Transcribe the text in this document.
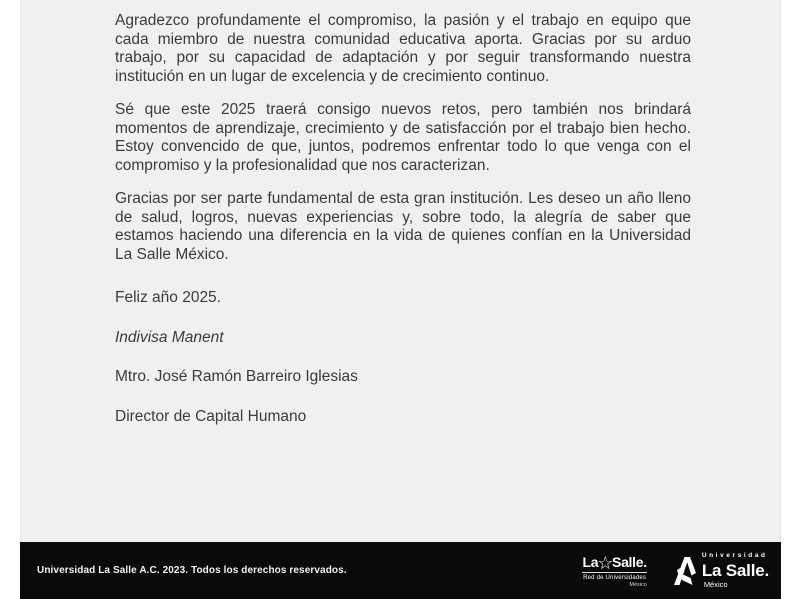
Agradezco profundamente el compromiso, la pasión y el trabajo en equipo que cada miembro de nuestra comunidad educativa aporta. Gracias por su arduo trabajo, por su capacidad de adaptación y por seguir transformando nuestra institución en un lugar de excelencia y de crecimiento continuo.

Sé que este 2025 traerá consigo nuevos retos, pero también nos brindará momentos de aprendizaje, crecimiento y de satisfacción por el trabajo bien hecho. Estoy convencido de que, juntos, podremos enfrentar todo lo que venga con el compromiso y la profesionalidad que nos caracterizan.

Gracias por ser parte fundamental de esta gran institución. Les deseo un año lleno de salud, logros, nuevas experiencias y, sobre todo, la alegría de saber que estamos haciendo una diferencia en la vida de quienes confían en la Universidad La Salle México.

Feliz año 2025.

Indivisa Manent

Mtro. José Ramón Barreiro Iglesias

Director de Capital Humano

Universidad La Salle A.C. 2023. Todos los derechos reservados.
La ☆ Salle.
Red de Universidades
México
Universidad
La Salle.
México
